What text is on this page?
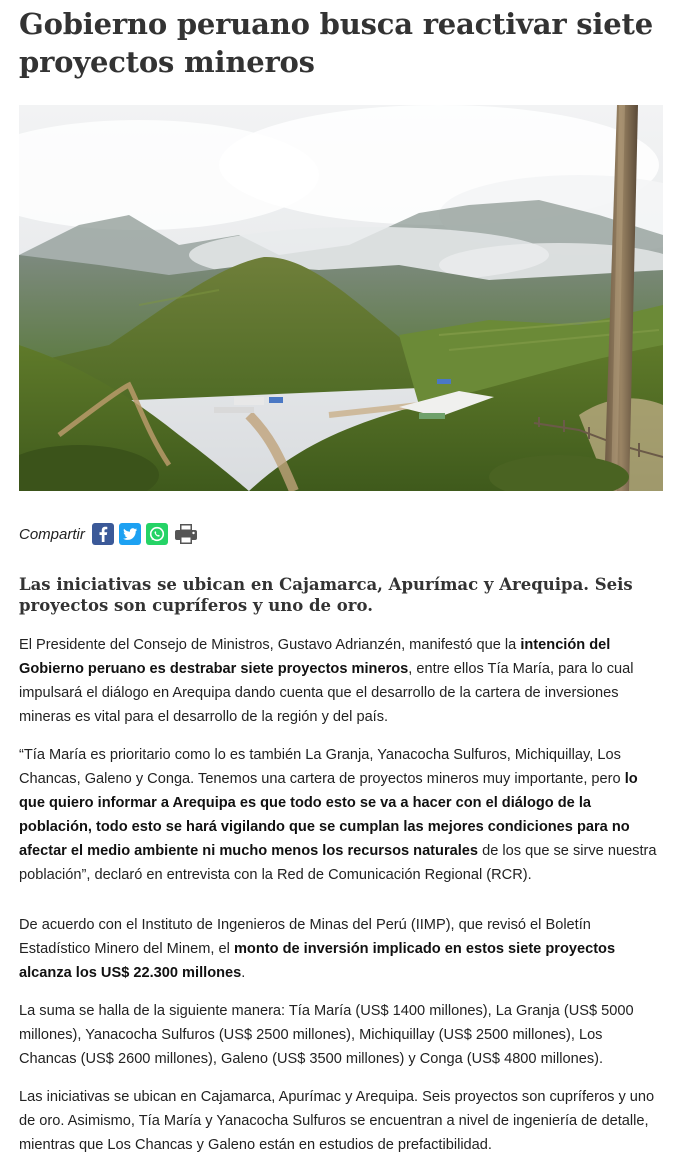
Gobierno peruano busca reactivar siete proyectos mineros
Compartir
Las iniciativas se ubican en Cajamarca, Apurímac y Arequipa. Seis proyectos son cupríferos y uno de oro.

El Presidente del Consejo de Ministros, Gustavo Adrianzén, manifestó que la intención del Gobierno peruano es destrabar siete proyectos mineros, entre ellos Tía María, para lo cual impulsará el diálogo en Arequipa dando cuenta que el desarrollo de la cartera de inversiones mineras es vital para el desarrollo de la región y del país.

“Tía María es prioritario como lo es también La Granja, Yanacocha Sulfuros, Michiquillay, Los Chancas, Galeno y Conga. Tenemos una cartera de proyectos mineros muy importante, pero lo que quiero informar a Arequipa es que todo esto se va a hacer con el diálogo de la población, todo esto se hará vigilando que se cumplan las mejores condiciones para no afectar el medio ambiente ni mucho menos los recursos naturales de los que se sirve nuestra población”, declaró en entrevista con la Red de Comunicación Regional (RCR).

De acuerdo con el Instituto de Ingenieros de Minas del Perú (IIMP), que revisó el Boletín Estadístico Minero del Minem, el monto de inversión implicado en estos siete proyectos alcanza los US$ 22.300 millones.

La suma se halla de la siguiente manera: Tía María (US$ 1400 millones), La Granja (US$ 5000 millones), Yanacocha Sulfuros (US$ 2500 millones), Michiquillay (US$ 2500 millones), Los Chancas (US$ 2600 millones), Galeno (US$ 3500 millones) y Conga (US$ 4800 millones).

Las iniciativas se ubican en Cajamarca, Apurímac y Arequipa. Seis proyectos son cupríferos y uno de oro. Asimismo, Tía María y Yanacocha Sulfuros se encuentran a nivel de ingeniería de detalle, mientras que Los Chancas y Galeno están en estudios de prefactibilidad.
